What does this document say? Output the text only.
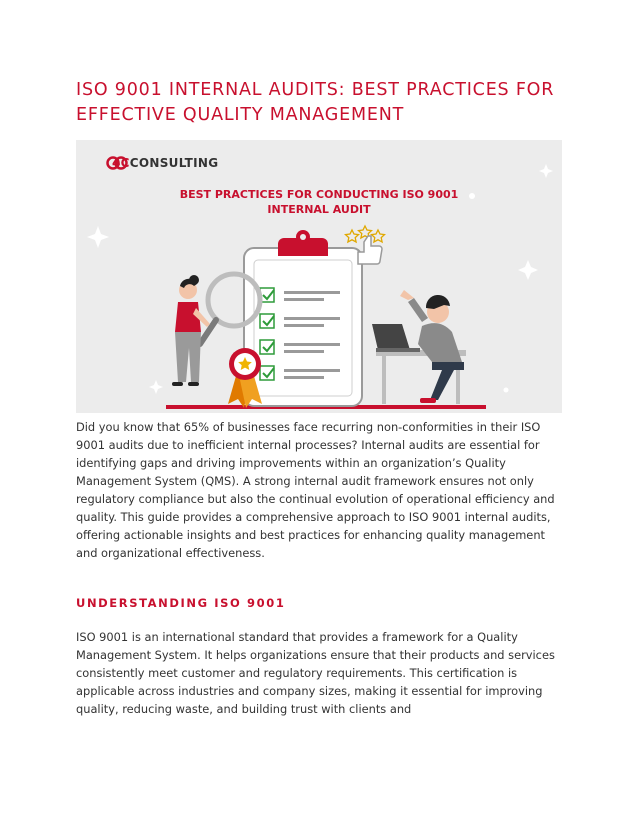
ISO 9001 INTERNAL AUDITS: BEST PRACTICES FOR EFFECTIVE QUALITY MANAGEMENT
4CCONSULTING
BEST PRACTICES FOR CONDUCTING ISO 9001
INTERNAL AUDIT

Did you know that 65% of businesses face recurring non-conformities in their ISO 9001 audits due to inefficient internal processes? Internal audits are essential for identifying gaps and driving improvements within an organization’s Quality Management System (QMS). A strong internal audit framework ensures not only regulatory compliance but also the continual evolution of operational efficiency and quality. This guide provides a comprehensive approach to ISO 9001 internal audits, offering actionable insights and best practices for enhancing quality management and organizational effectiveness.

UNDERSTANDING ISO 9001

ISO 9001 is an international standard that provides a framework for a Quality Management System. It helps organizations ensure that their products and services consistently meet customer and regulatory requirements. This certification is applicable across industries and company sizes, making it essential for improving quality, reducing waste, and building trust with clients and
